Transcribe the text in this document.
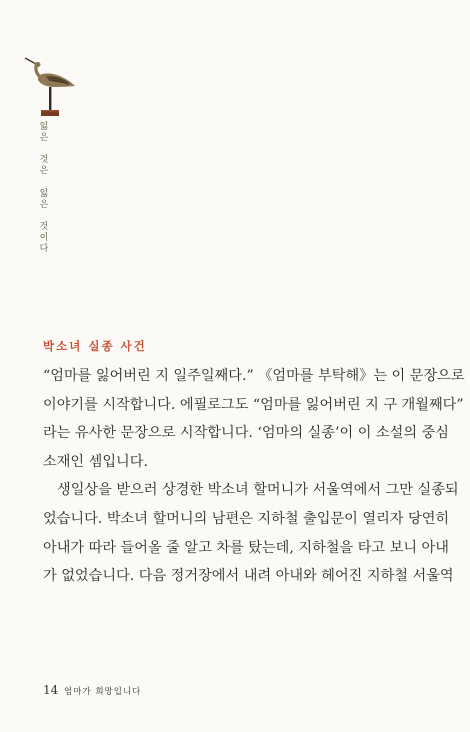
잃
은

것
은

잃
은

것
이
다
박소녀 실종 사건

“엄마를 잃어버린 지 일주일째다.” 《엄마를 부탁해》는 이 문장으로
이야기를 시작합니다. 에필로그도 “엄마를 잃어버린 지 구 개월째다”
라는 유사한 문장으로 시작합니다. ‘엄마의 실종’이 이 소설의 중심
소재인 셈입니다.

생일상을 받으러 상경한 박소녀 할머니가 서울역에서 그만 실종되
었습니다. 박소녀 할머니의 남편은 지하철 출입문이 열리자 당연히
아내가 따라 들어올 줄 알고 차를 탔는데, 지하철을 타고 보니 아내
가 없었습니다. 다음 정거장에서 내려 아내와 헤어진 지하철 서울역

14 엄마가 희망입니다
